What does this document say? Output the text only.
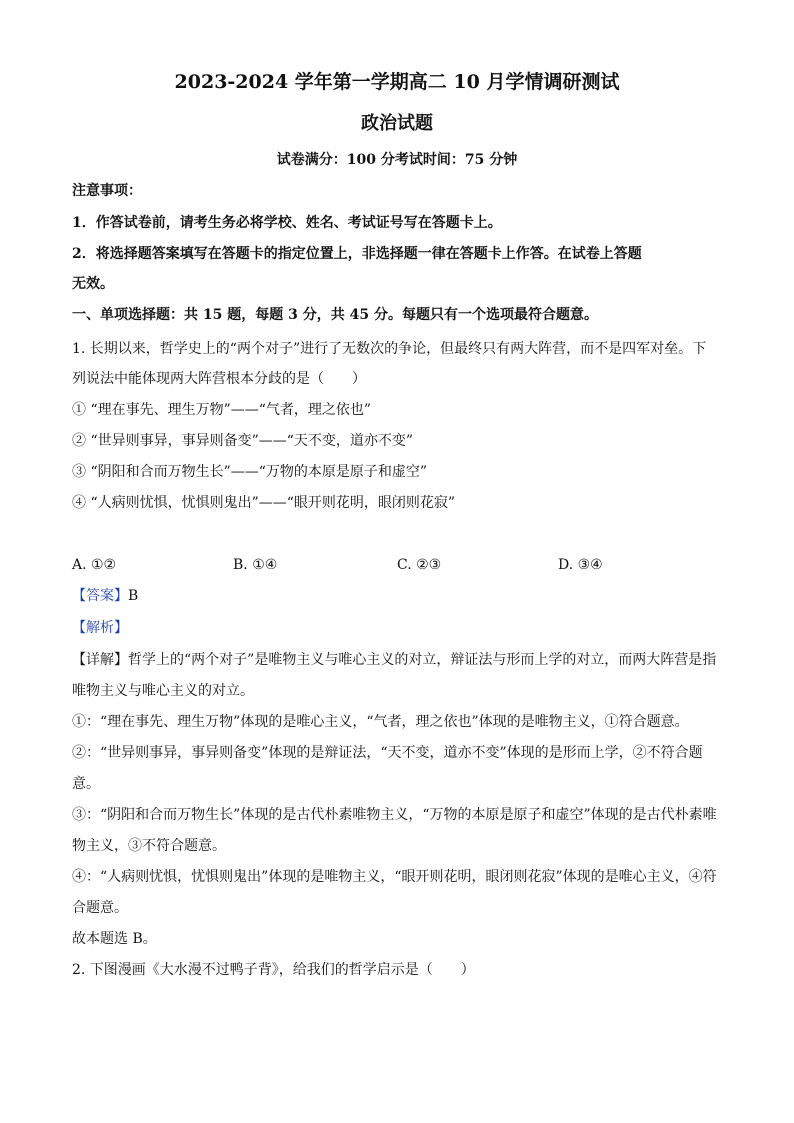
2023-2024 学年第一学期高二 10 月学情调研测试
政治试题
试卷满分：100 分考试时间：75 分钟
注意事项：
1．作答试卷前，请考生务必将学校、姓名、考试证号写在答题卡上。
2．将选择题答案填写在答题卡的指定位置上，非选择题一律在答题卡上作答。在试卷上答题
无效。
一、单项选择题：共 15 题，每题 3 分，共 45 分。每题只有一个选项最符合题意。
1. 长期以来，哲学史上的“两个对子”进行了无数次的争论，但最终只有两大阵营，而不是四军对垒。下
列说法中能体现两大阵营根本分歧的是（　　）
① “理在事先、理生万物”——“气者，理之依也”
② “世异则事异，事异则备变”——“天不变，道亦不变”
③ “阴阳和合而万物生长”——“万物的本原是原子和虚空”
④ “人病则忧惧，忧惧则鬼出”——“眼开则花明，眼闭则花寂”
A. ①②	B. ①④	C. ②③	D. ③④
【答案】B
【解析】
【详解】哲学上的“两个对子”是唯物主义与唯心主义的对立，辩证法与形而上学的对立，而两大阵营是指
唯物主义与唯心主义的对立。
①：“理在事先、理生万物”体现的是唯心主义，“气者，理之依也”体现的是唯物主义，①符合题意。
②：“世异则事异，事异则备变”体现的是辩证法，“天不变，道亦不变”体现的是形而上学，②不符合题
意。
③：“阴阳和合而万物生长”体现的是古代朴素唯物主义，“万物的本原是原子和虚空”体现的是古代朴素唯
物主义，③不符合题意。
④：“人病则忧惧，忧惧则鬼出”体现的是唯物主义，“眼开则花明，眼闭则花寂”体现的是唯心主义，④符
合题意。
故本题选 B。
2. 下图漫画《大水漫不过鸭子背》，给我们的哲学启示是（　　）
